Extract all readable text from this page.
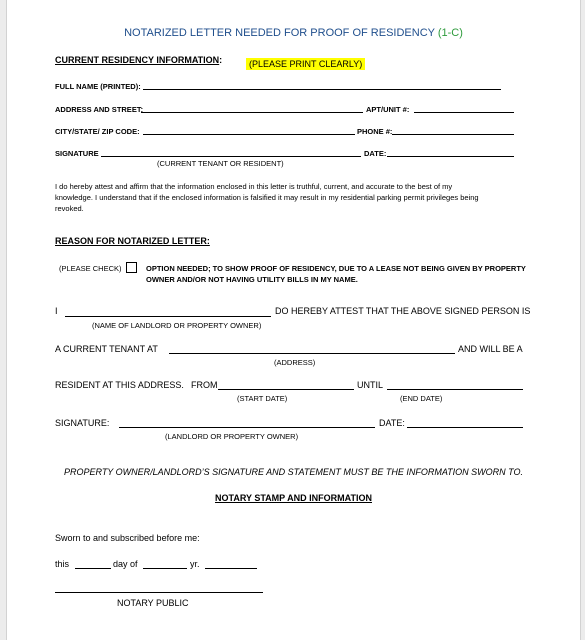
NOTARIZED LETTER NEEDED FOR PROOF OF RESIDENCY (1-C)
CURRENT RESIDENCY INFORMATION:	(PLEASE PRINT CLEARLY)
FULL NAME (PRINTED):
ADDRESS AND STREET:	APT/UNIT #:
CITY/STATE/ ZIP CODE:	PHONE #:
SIGNATURE	DATE:
(CURRENT TENANT OR RESIDENT)
I do hereby attest and affirm that the information enclosed in this letter is truthful, current, and accurate to the best of my
knowledge. I understand that if the enclosed information is falsified it may result in my residential parking permit privileges being
revoked.
REASON FOR NOTARIZED LETTER:
(PLEASE CHECK)	OPTION NEEDED; TO SHOW PROOF OF RESIDENCY, DUE TO A LEASE NOT BEING GIVEN BY PROPERTY
OWNER AND/OR NOT HAVING UTILITY BILLS IN MY NAME.
I	DO HEREBY ATTEST THAT THE ABOVE SIGNED PERSON IS
(NAME OF LANDLORD OR PROPERTY OWNER)
A CURRENT TENANT AT	AND WILL BE A
(ADDRESS)
RESIDENT AT THIS ADDRESS. FROM	UNTIL
(START DATE)	(END DATE)
SIGNATURE:	DATE:
(LANDLORD OR PROPERTY OWNER)
PROPERTY OWNER/LANDLORD’S SIGNATURE AND STATEMENT MUST BE THE INFORMATION SWORN TO.
NOTARY STAMP AND INFORMATION
Sworn to and subscribed before me:
this	day of	yr.
NOTARY PUBLIC
